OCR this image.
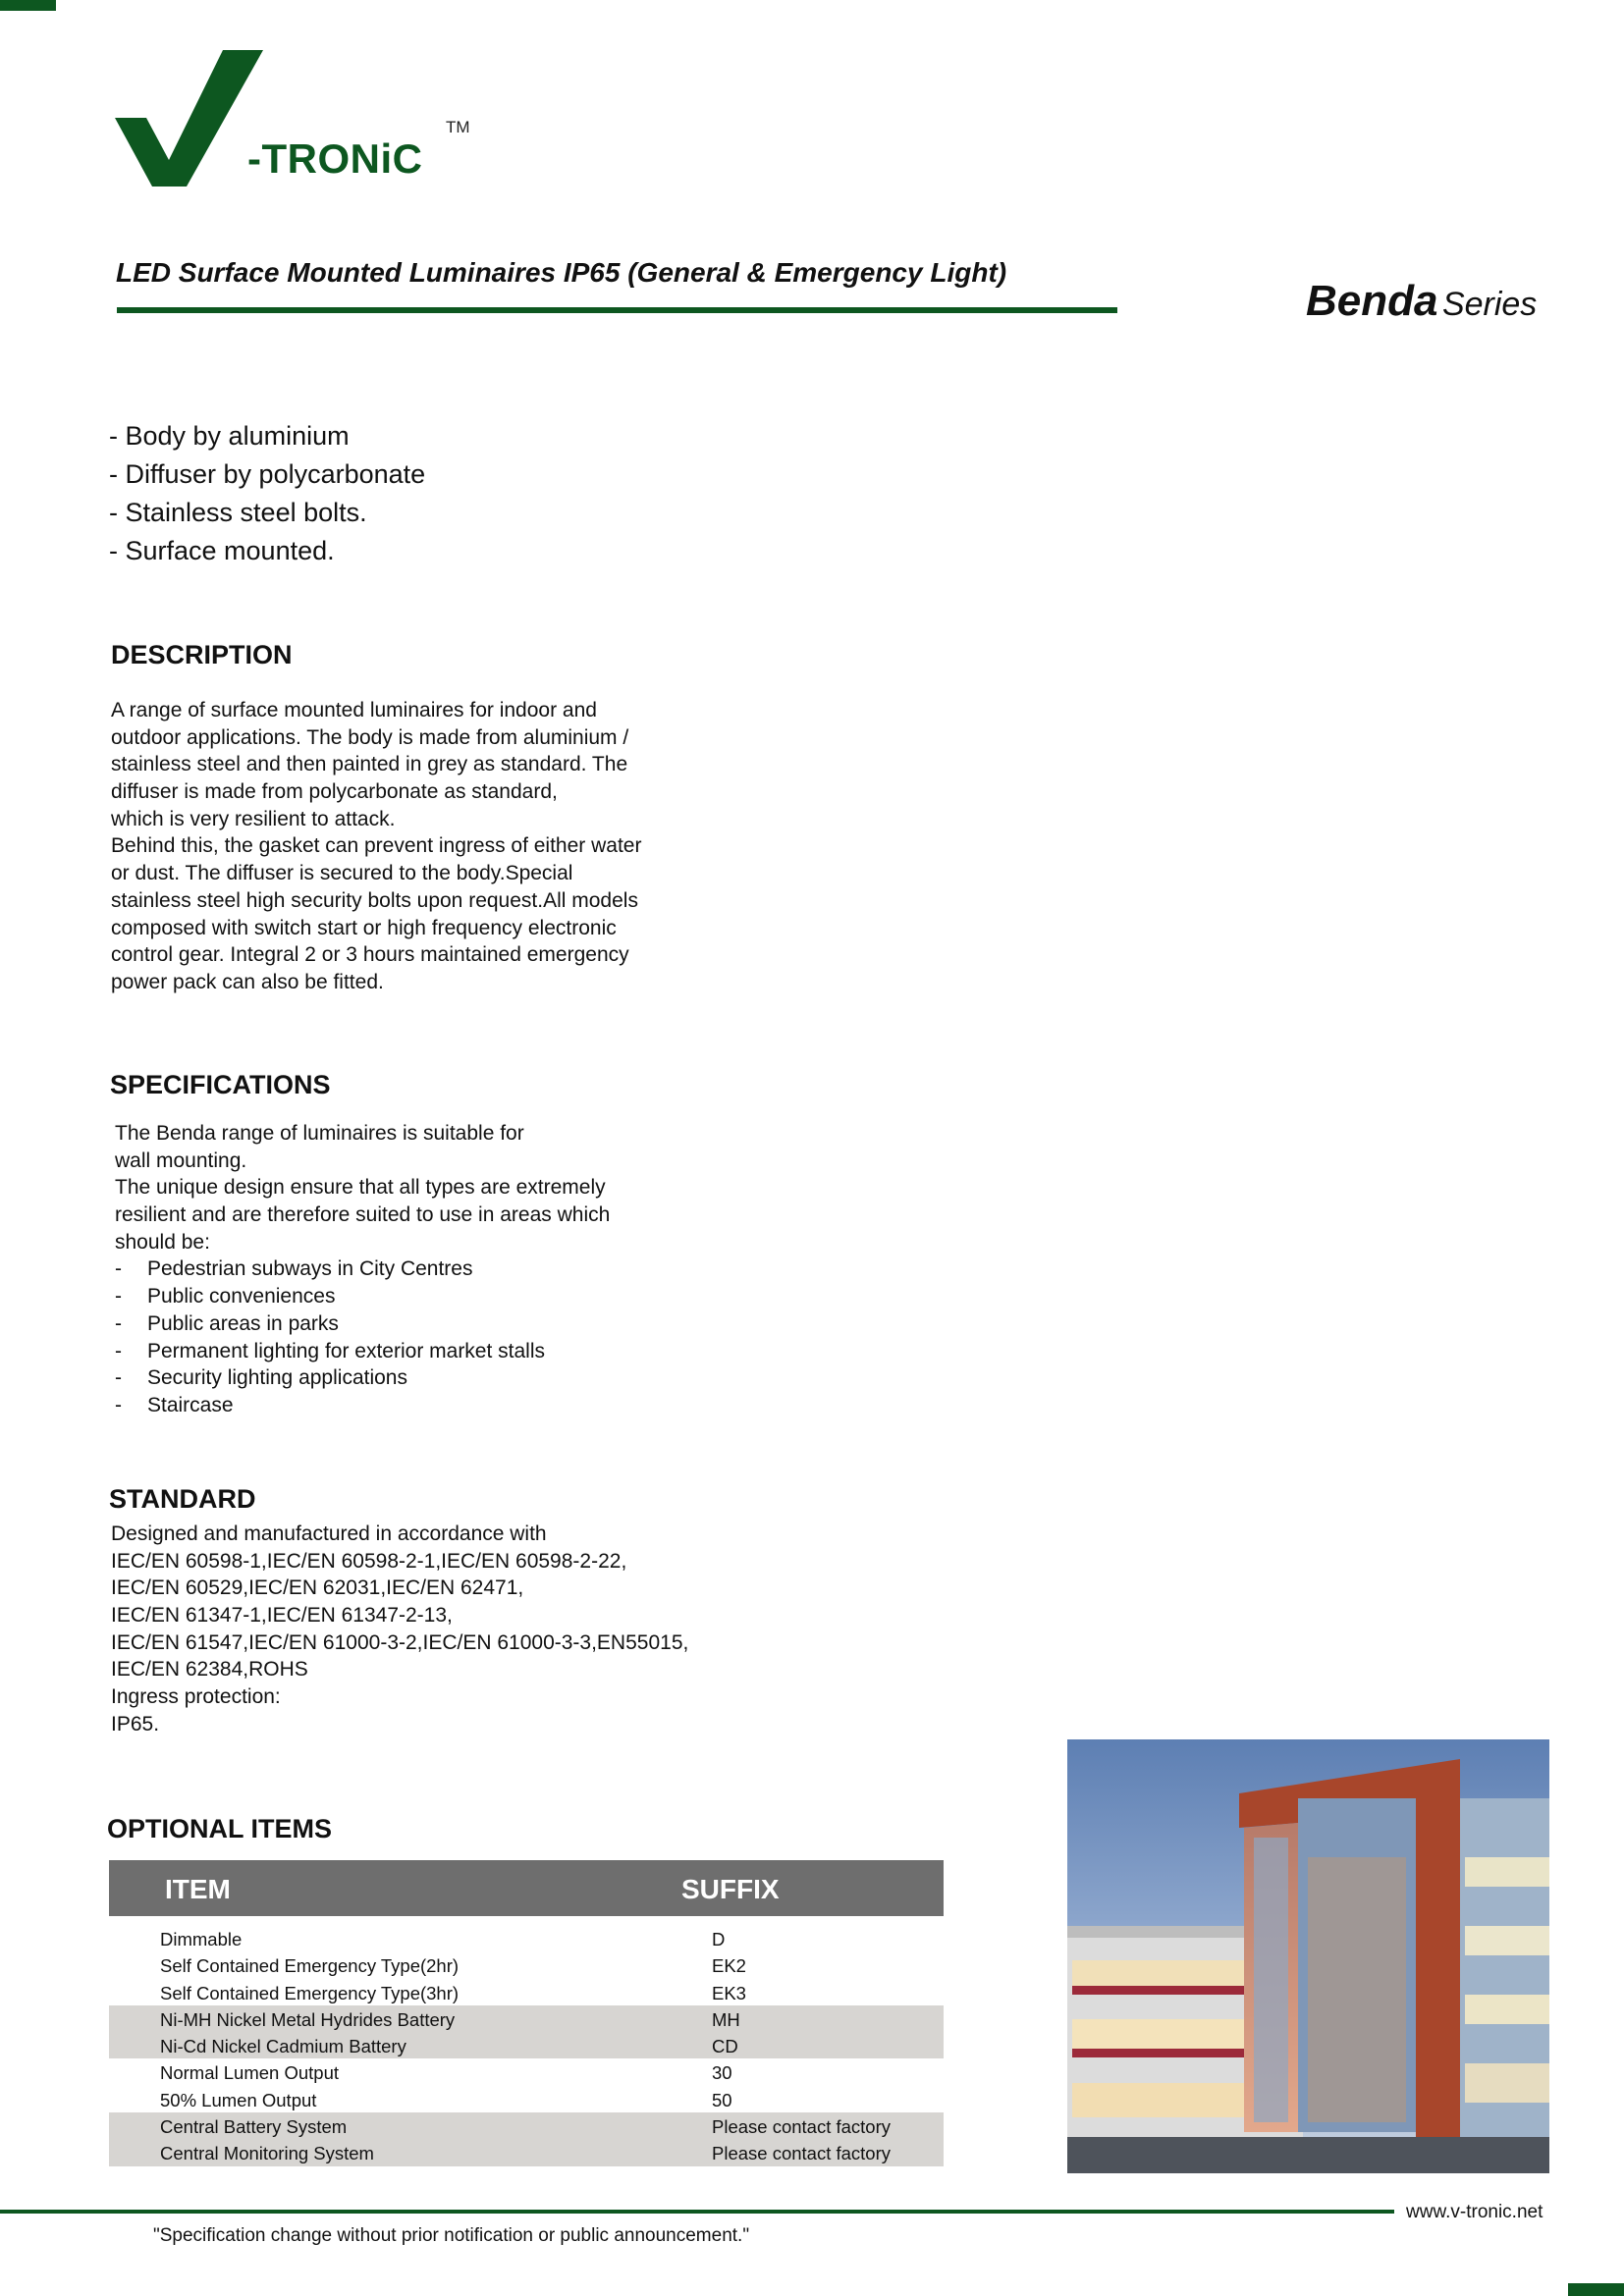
-TRONiC
TM
LED Surface Mounted Luminaires IP65 (General & Emergency Light)
Benda Series
- Body by aluminium
- Diffuser by polycarbonate
- Stainless steel bolts.
- Surface mounted.
DESCRIPTION
A range of surface mounted luminaires for indoor and
outdoor applications. The body is made from aluminium /
stainless steel and then painted in grey as standard. The
diffuser is made from polycarbonate as standard,
which is very resilient to attack.
Behind this, the gasket can prevent ingress of either water
or dust. The diffuser is secured to the body.Special
stainless steel high security bolts upon request.All models
composed with switch start or high frequency electronic
control gear. Integral 2 or 3 hours maintained emergency
power pack can also be fitted.
SPECIFICATIONS
The Benda range of luminaires is suitable for
wall mounting.
The unique design ensure that all types are extremely
resilient and are therefore suited to use in areas which
should be:
-	Pedestrian subways in City Centres
-	Public conveniences
-	Public areas in parks
-	Permanent lighting for exterior market stalls
-	Security lighting applications
-	Staircase
STANDARD
Designed and manufactured in accordance with
IEC/EN 60598-1,IEC/EN 60598-2-1,IEC/EN 60598-2-22,
IEC/EN 60529,IEC/EN 62031,IEC/EN 62471,
IEC/EN 61347-1,IEC/EN 61347-2-13,
IEC/EN 61547,IEC/EN 61000-3-2,IEC/EN 61000-3-3,EN55015,
IEC/EN 62384,ROHS
Ingress protection:
IP65.
OPTIONAL ITEMS
ITEM	SUFFIX
Dimmable	D
Self Contained Emergency Type(2hr)	EK2
Self Contained Emergency Type(3hr)	EK3
Ni-MH Nickel Metal Hydrides Battery	MH
Ni-Cd Nickel Cadmium Battery	CD
Normal Lumen Output	30
50% Lumen Output	50
Central Battery System	Please contact factory
Central Monitoring System	Please contact factory
www.v-tronic.net
"Specification change without prior notification or public announcement."
